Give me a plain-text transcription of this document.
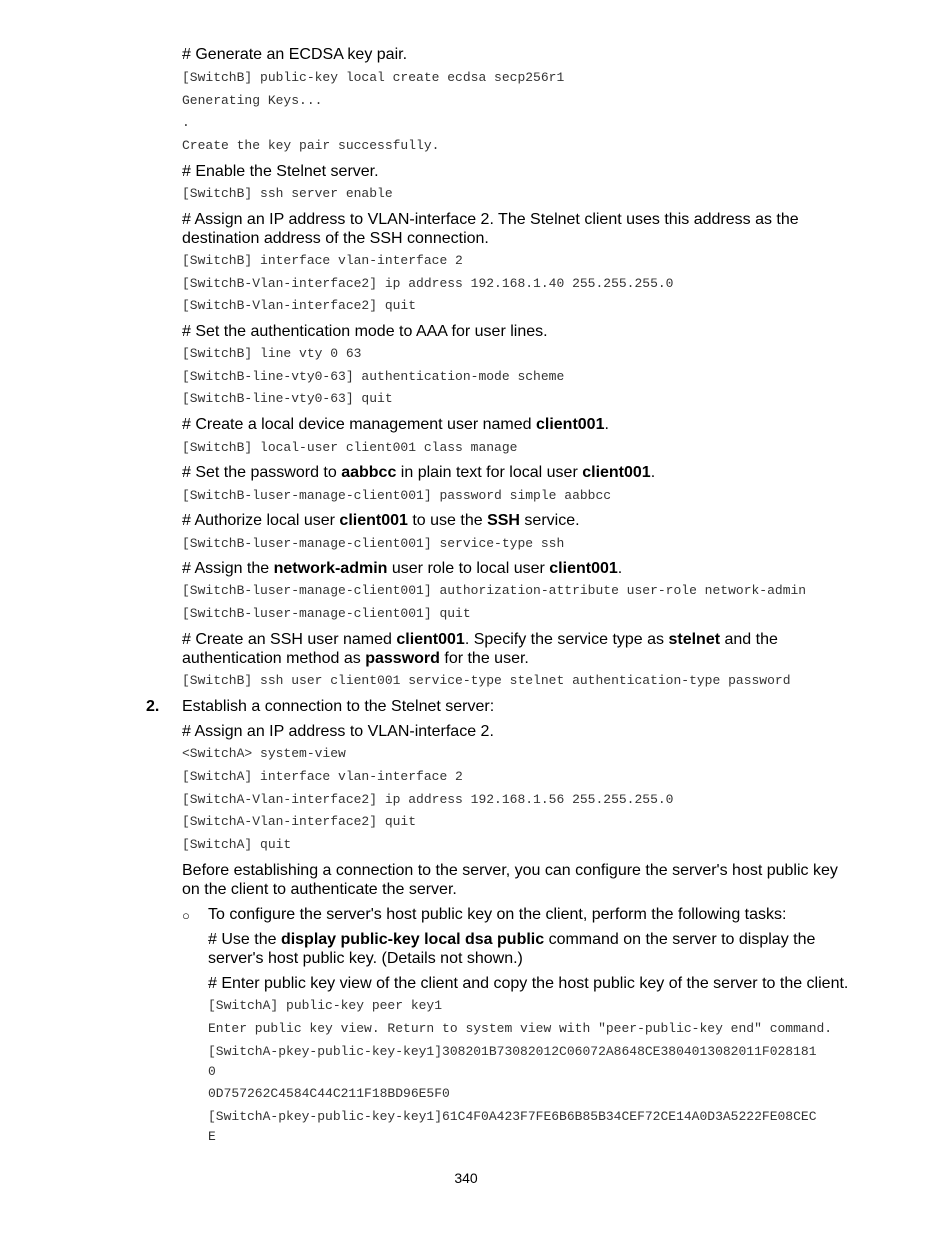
# Generate an ECDSA key pair.
[SwitchB] public-key local create ecdsa secp256r1
Generating Keys...
.
Create the key pair successfully.
# Enable the Stelnet server.
[SwitchB] ssh server enable
# Assign an IP address to VLAN-interface 2. The Stelnet client uses this address as the
destination address of the SSH connection.
[SwitchB] interface vlan-interface 2
[SwitchB-Vlan-interface2] ip address 192.168.1.40 255.255.255.0
[SwitchB-Vlan-interface2] quit
# Set the authentication mode to AAA for user lines.
[SwitchB] line vty 0 63
[SwitchB-line-vty0-63] authentication-mode scheme
[SwitchB-line-vty0-63] quit
# Create a local device management user named client001.
[SwitchB] local-user client001 class manage
# Set the password to aabbcc in plain text for local user client001.
[SwitchB-luser-manage-client001] password simple aabbcc
# Authorize local user client001 to use the SSH service.
[SwitchB-luser-manage-client001] service-type ssh
# Assign the network-admin user role to local user client001.
[SwitchB-luser-manage-client001] authorization-attribute user-role network-admin
[SwitchB-luser-manage-client001] quit
# Create an SSH user named client001. Specify the service type as stelnet and the
authentication method as password for the user.
[SwitchB] ssh user client001 service-type stelnet authentication-type password
Establish a connection to the Stelnet server:
# Assign an IP address to VLAN-interface 2.
<SwitchA> system-view
[SwitchA] interface vlan-interface 2
[SwitchA-Vlan-interface2] ip address 192.168.1.56 255.255.255.0
[SwitchA-Vlan-interface2] quit
[SwitchA] quit
Before establishing a connection to the server, you can configure the server's host public key
on the client to authenticate the server.
To configure the server's host public key on the client, perform the following tasks:
# Use the display public-key local dsa public command on the server to display the
server's host public key. (Details not shown.)
# Enter public key view of the client and copy the host public key of the server to the client.
[SwitchA] public-key peer key1
Enter public key view. Return to system view with "peer-public-key end" command.
[SwitchA-pkey-public-key-key1]308201B73082012C06072A8648CE3804013082011F028181
0
0D757262C4584C44C211F18BD96E5F0
[SwitchA-pkey-public-key-key1]61C4F0A423F7FE6B6B85B34CEF72CE14A0D3A5222FE08CEC
E
2.
○
340
